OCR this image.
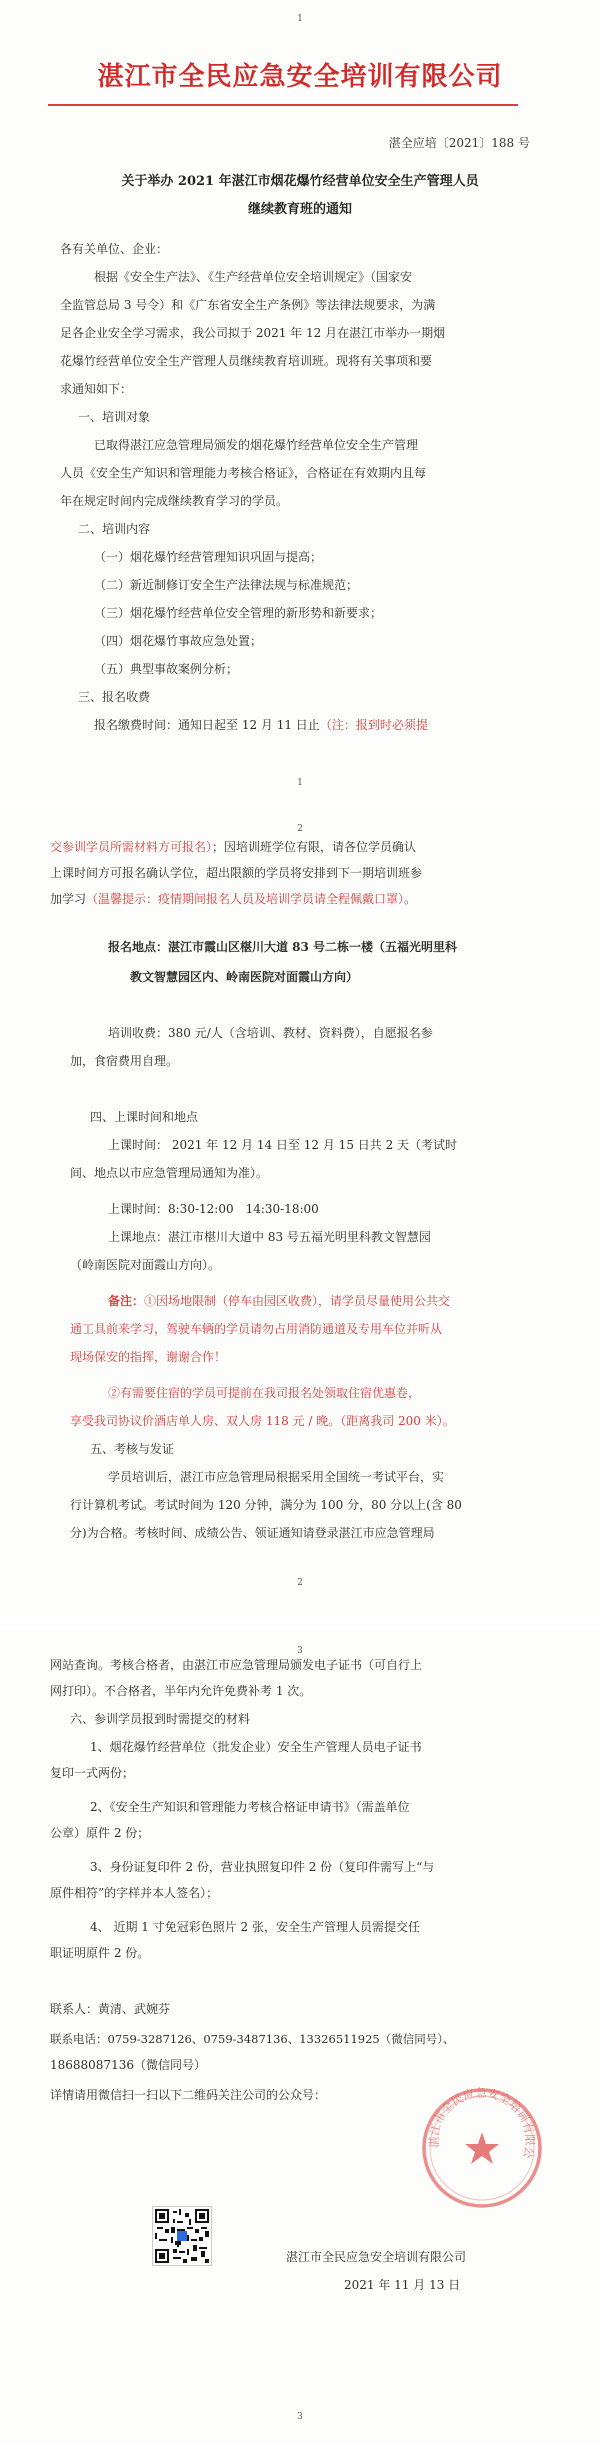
1
湛江市全民应急安全培训有限公司
湛全应培〔2021〕188 号
关于举办 2021 年湛江市烟花爆竹经营单位安全生产管理人员
继续教育班的通知
各有关单位、企业：
根据《安全生产法》、《生产经营单位安全培训规定》（国家安
全监管总局 3 号令）和《广东省安全生产条例》等法律法规要求，为满
足各企业安全学习需求，我公司拟于 2021 年 12 月在湛江市举办一期烟
花爆竹经营单位安全生产管理人员继续教育培训班。现将有关事项和要
求通知如下：
一、培训对象
已取得湛江应急管理局颁发的烟花爆竹经营单位安全生产管理
人员《安全生产知识和管理能力考核合格证》，合格证在有效期内且每
年在规定时间内完成继续教育学习的学员。
二、培训内容
（一）烟花爆竹经营管理知识巩固与提高；
（二）新近制修订安全生产法律法规与标准规范；
（三）烟花爆竹经营单位安全管理的新形势和新要求；
（四）烟花爆竹事故应急处置；
（五）典型事故案例分析；
三、报名收费
报名缴费时间：通知日起至 12 月 11 日止（注：报到时必须提
1
2
交参训学员所需材料方可报名）；因培训班学位有限，请各位学员确认
上课时间方可报名确认学位，超出限额的学员将安排到下一期培训班参
加学习（温馨提示：疫情期间报名人员及培训学员请全程佩戴口罩）。
报名地点：湛江市霞山区椹川大道 83 号二栋一楼（五福光明里科
教文智慧园区内、岭南医院对面霞山方向）
培训收费：380 元/人（含培训、教材、资料费），自愿报名参
加，食宿费用自理。
四、上课时间和地点
上课时间： 2021 年 12 月 14 日至 12 月 15 日共 2 天（考试时
间、地点以市应急管理局通知为准）。
上课时间：8:30-12:00　14:30-18:00
上课地点：湛江市椹川大道中 83 号五福光明里科教文智慧园
（岭南医院对面霞山方向）。
备注：①因场地限制（停车由园区收费），请学员尽量使用公共交
通工具前来学习，驾驶车辆的学员请勿占用消防通道及专用车位并听从
现场保安的指挥，谢谢合作！
②有需要住宿的学员可提前在我司报名处领取住宿优惠卷，
享受我司协议价酒店单人房、双人房 118 元 / 晚。（距离我司 200 米）。
五、考核与发证
学员培训后，湛江市应急管理局根据采用全国统一考试平台，实
行计算机考试。考试时间为 120 分钟，满分为 100 分，80 分以上(含 80
分)为合格。考核时间、成绩公告、领证通知请登录湛江市应急管理局
2
3
网站查询。考核合格者，由湛江市应急管理局颁发电子证书（可自行上
网打印）。不合格者，半年内允许免费补考 1 次。
六、参训学员报到时需提交的材料
1、烟花爆竹经营单位（批发企业）安全生产管理人员电子证书
复印一式两份；
2、《安全生产知识和管理能力考核合格证申请书》（需盖单位
公章）原件 2 份；
3、身份证复印件 2 份，营业执照复印件 2 份（复印件需写上“与
原件相符”的字样并本人签名）；
4、 近期 1 寸免冠彩色照片 2 张，安全生产管理人员需提交任
职证明原件 2 份。
联系人：黄清、武婉芬
联系电话：0759-3287126、0759-3487136、13326511925（微信同号）、
18688087136（微信同号）
详情请用微信扫一扫以下二维码关注公司的公众号：
湛江市全民应急安全培训有限公司
2021 年 11 月 13 日
3
湛江市全民应急安全培训有限公
